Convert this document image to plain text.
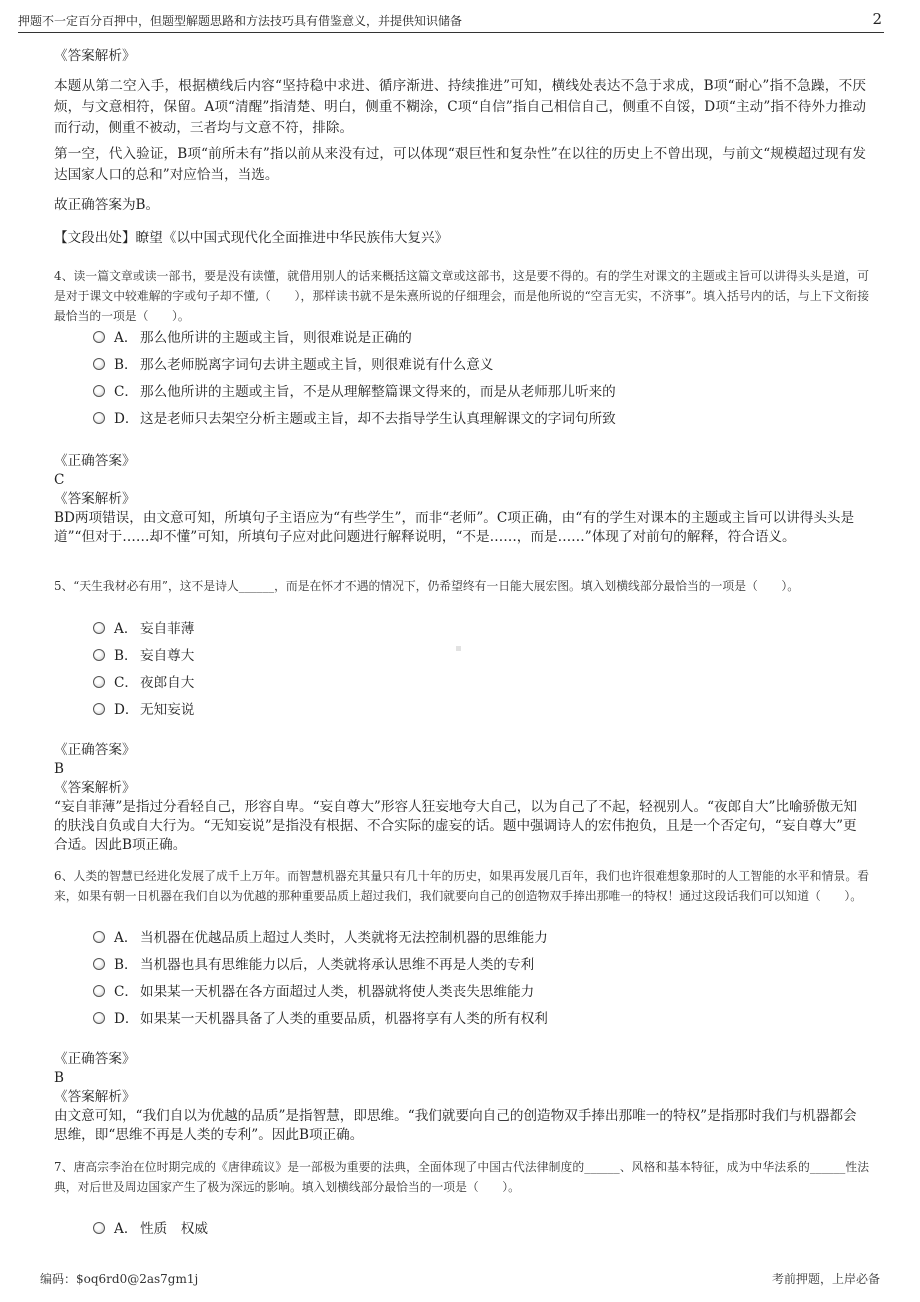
押题不一定百分百押中，但题型解题思路和方法技巧具有借鉴意义，并提供知识储备	2
《答案解析》
本题从第二空入手，根据横线后内容“坚持稳中求进、循序渐进、持续推进”可知，横线处表达不急于求成，B项“耐心”指不急躁，不厌烦，与文意相符，保留。A项“清醒”指清楚、明白，侧重不糊涂，C项“自信”指自己相信自己，侧重不自馁，D项“主动”指不待外力推动而行动，侧重不被动，三者均与文意不符，排除。
第一空，代入验证，B项“前所未有”指以前从来没有过，可以体现“艰巨性和复杂性”在以往的历史上不曾出现，与前文“规模超过现有发达国家人口的总和”对应恰当，当选。
故正确答案为B。
【文段出处】瞭望《以中国式现代化全面推进中华民族伟大复兴》
4、读一篇文章或读一部书，要是没有读懂，就借用别人的话来概括这篇文章或这部书，这是要不得的。有的学生对课文的主题或主旨可以讲得头头是道，可是对于课文中较难解的字或句子却不懂,（　　），那样读书就不是朱熹所说的仔细理会，而是他所说的“空言无实，不济事”。填入括号内的话，与上下文衔接最恰当的一项是（　　）。
A． 那么他所讲的主题或主旨，则很难说是正确的
B． 那么老师脱离字词句去讲主题或主旨，则很难说有什么意义
C． 那么他所讲的主题或主旨，不是从理解整篇课文得来的，而是从老师那儿听来的
D． 这是老师只去架空分析主题或主旨，却不去指导学生认真理解课文的字词句所致
《正确答案》
C
《答案解析》
BD两项错误，由文意可知，所填句子主语应为“有些学生”，而非“老师”。C项正确，由“有的学生对课本的主题或主旨可以讲得头头是道”“但对于……却不懂”可知，所填句子应对此问题进行解释说明，“不是……，而是……”体现了对前句的解释，符合语义。
5、“天生我材必有用”，这不是诗人______，而是在怀才不遇的情况下，仍希望终有一日能大展宏图。填入划横线部分最恰当的一项是（　　）。
A． 妄自菲薄
B． 妄自尊大
C． 夜郎自大
D． 无知妄说
《正确答案》
B
《答案解析》
“妄自菲薄”是指过分看轻自己，形容自卑。“妄自尊大”形容人狂妄地夸大自己，以为自己了不起，轻视别人。“夜郎自大”比喻骄傲无知的肤浅自负或自大行为。“无知妄说”是指没有根据、不合实际的虚妄的话。题中强调诗人的宏伟抱负，且是一个否定句，“妄自尊大”更合适。因此B项正确。
6、人类的智慧已经进化发展了成千上万年。而智慧机器充其量只有几十年的历史，如果再发展几百年，我们也许很难想象那时的人工智能的水平和情景。看来，如果有朝一日机器在我们自以为优越的那种重要品质上超过我们，我们就要向自己的创造物双手捧出那唯一的特权！通过这段话我们可以知道（　　）。
A． 当机器在优越品质上超过人类时，人类就将无法控制机器的思维能力
B． 当机器也具有思维能力以后，人类就将承认思维不再是人类的专利
C． 如果某一天机器在各方面超过人类，机器就将使人类丧失思维能力
D． 如果某一天机器具备了人类的重要品质，机器将享有人类的所有权利
《正确答案》
B
《答案解析》
由文意可知，“我们自以为优越的品质”是指智慧，即思维。“我们就要向自己的创造物双手捧出那唯一的特权”是指那时我们与机器都会思维，即“思维不再是人类的专利”。因此B项正确。
7、唐高宗李治在位时期完成的《唐律疏议》是一部极为重要的法典，全面体现了中国古代法律制度的______、风格和基本特征，成为中华法系的______性法典，对后世及周边国家产生了极为深远的影响。填入划横线部分最恰当的一项是（　　）。
A． 性质　权威
编码：$oq6rd0@2as7gm1j	考前押题，上岸必备
